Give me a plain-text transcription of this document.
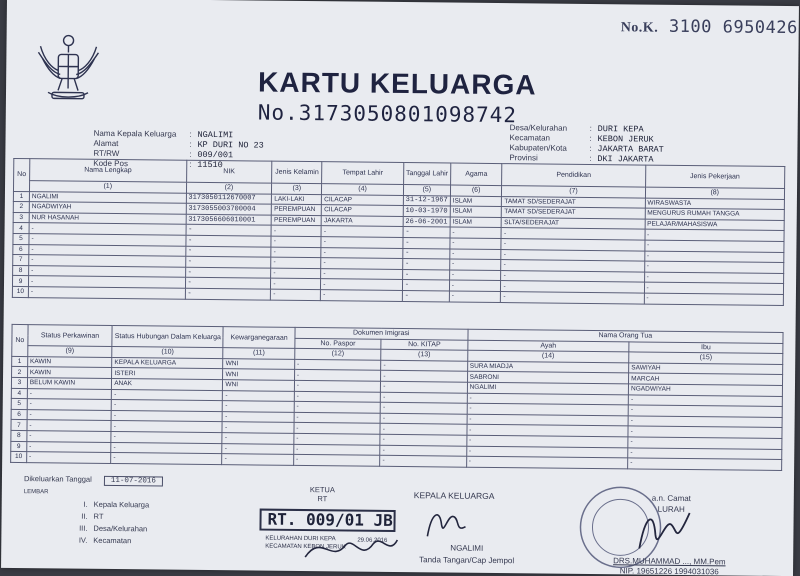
No.K. 3100 6950426
KARTU KELUARGA
No.3173050801098742
Nama Kepala Keluarga	: NGALIMI
Alamat	: KP DURI NO 23
RT/RW	: 009/001
Kode Pos	: 11510
Desa/Kelurahan	: DURI KEPA
Kecamatan	: KEBON JERUK
Kabupaten/Kota	: JAKARTA BARAT
Provinsi	: DKI JAKARTA
No	Nama Lengkap	NIK	Jenis Kelamin	Tempat Lahir	Tanggal Lahir	Agama	Pendidikan	Jenis Pekerjaan
	(1)	(2)	(3)	(4)	(5)	(6)	(7)	(8)
1	NGALIMI	3173050112670007	LAKI-LAKI	CILACAP	31-12-1967	ISLAM	TAMAT SD/SEDERAJAT	WIRASWASTA
2	NGADWIYAH	3173055003700004	PEREMPUAN	CILACAP	10-03-1970	ISLAM	TAMAT SD/SEDERAJAT	MENGURUS RUMAH TANGGA
3	NUR HASANAH	3173056606010001	PEREMPUAN	JAKARTA	26-06-2001	ISLAM	SLTA/SEDERAJAT	PELAJAR/MAHASISWA
4	-	-	-	-	-	-	-	-
5	-	-	-	-	-	-	-	-
6	-	-	-	-	-	-	-	-
7	-	-	-	-	-	-	-	-
8	-	-	-	-	-	-	-	-
9	-	-	-	-	-	-	-	-
10	-	-	-	-	-	-	-	-
No	Status Perkawinan	Status Hubungan Dalam Keluarga	Kewarganegaraan	Dokumen Imigrasi		Nama Orang Tua	
				No. Paspor	No. KITAP	Ayah	Ibu
	(9)	(10)	(11)	(12)	(13)	(14)	(15)
1	KAWIN	KEPALA KELUARGA	WNI	-	-	SURA MIADJA	SAWIYAH
2	KAWIN	ISTERI	WNI	-	-	SABRONI	MARCAH
3	BELUM KAWIN	ANAK	WNI	-	-	NGALIMI	NGADWIYAH
4	-	-	-	-	-	-	-
5	-	-	-	-	-	-	-
6	-	-	-	-	-	-	-
7	-	-	-	-	-	-	-
8	-	-	-	-	-	-	-
9	-	-	-	-	-	-	-
10	-	-	-	-	-	-	-
Dikeluarkan Tanggal	11-07-2016
LEMBAR
I. Kepala Keluarga
II. RT
III. Desa/Kelurahan
IV. Kecamatan
KETUA
RT
RT. 009/01 JB
KELURAHAN DURI KEPA
KECAMATAN KEBON JERUK
29.06.2016
KEPALA KELUARGA
NGALIMI
Tanda Tangan/Cap Jempol
a.n. Camat
LURAH
DRS.MUHAMMAD ..., MM.Pem
NIP. 19651226 1994031036
